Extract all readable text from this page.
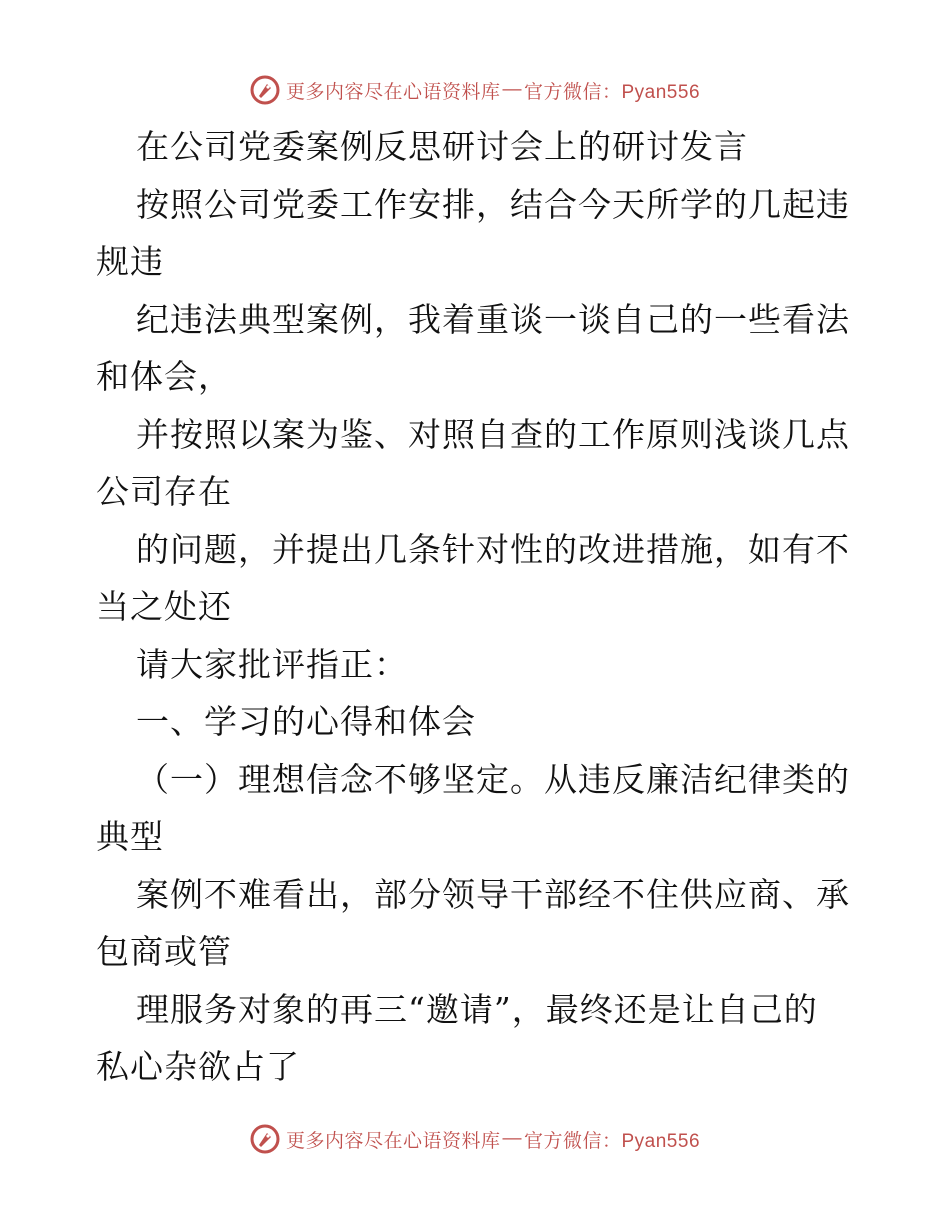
更多内容尽在心语资料库 — 官方微信：Pyan556
在公司党委案例反思研讨会上的研讨发言
按照公司党委工作安排，结合今天所学的几起违
规违
纪违法典型案例，我着重谈一谈自己的一些看法
和体会，
并按照以案为鉴、对照自查的工作原则浅谈几点
公司存在
的问题，并提出几条针对性的改进措施，如有不
当之处还
请大家批评指正：
一、学习的心得和体会
（一）理想信念不够坚定。从违反廉洁纪律类的
典型
案例不难看出，部分领导干部经不住供应商、承
包商或管
理服务对象的再三“邀请”，最终还是让自己的
私心杂欲占了
更多内容尽在心语资料库 — 官方微信：Pyan556
